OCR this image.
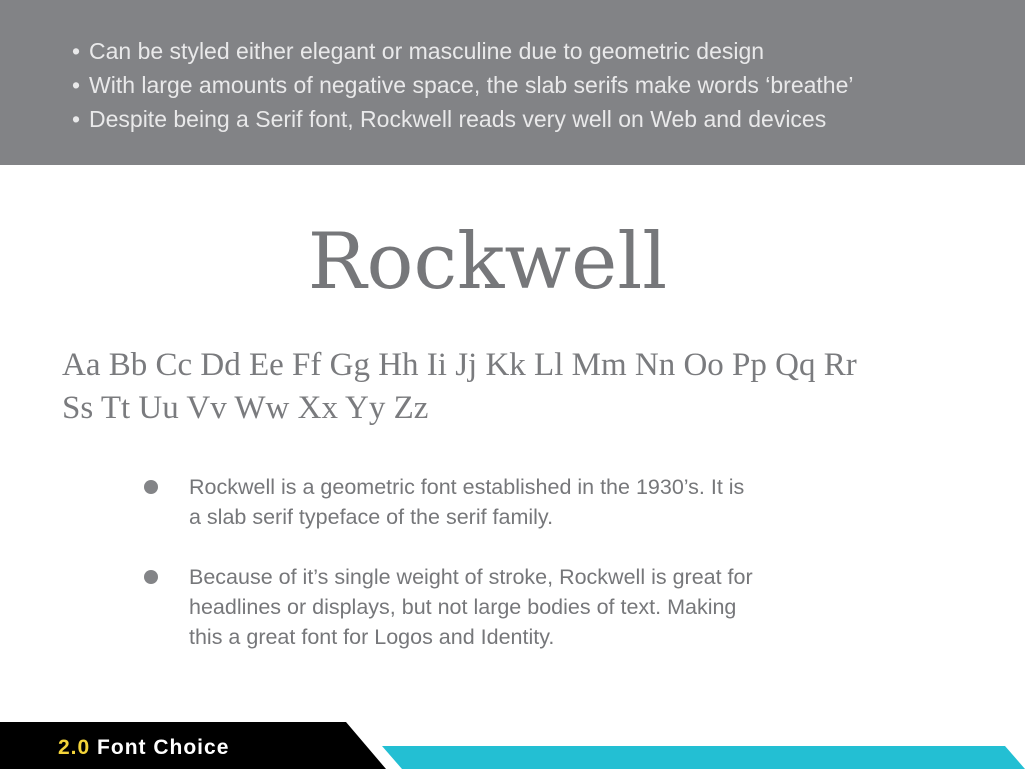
• Can be styled either elegant or masculine due to geometric design
• With large amounts of negative space, the slab serifs make words ‘breathe’
• Despite being a Serif font, Rockwell reads very well on Web and devices
Rockwell
Aa Bb Cc Dd Ee Ff Gg Hh Ii Jj Kk Ll Mm Nn Oo Pp Qq Rr
Ss Tt Uu Vv Ww Xx Yy Zz
Rockwell is a geometric font established in the 1930’s. It is
a slab serif typeface of the serif family.
Because of it’s single weight of stroke, Rockwell is great for
headlines or displays, but not large bodies of text. Making
this a great font for Logos and Identity.
2.0 Font Choice
